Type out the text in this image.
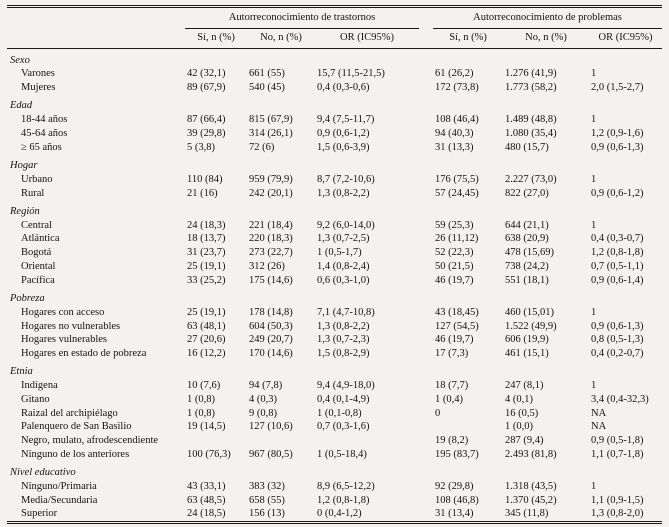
	Autorreconocimiento de trastornos				Autorreconocimiento de problemas		
	Sí, n (%)	No, n (%)	OR (IC95%)		Sí, n (%)	No, n (%)	OR (IC95%)
Sexo							
Varones	42 (32,1)	661 (55)	15,7 (11,5-21,5)		61 (26,2)	1.276 (41,9)	1
Mujeres	89 (67,9)	540 (45)	0,4 (0,3-0,6)		172 (73,8)	1.773 (58,2)	2,0 (1,5-2,7)
Edad							
18-44 años	87 (66,4)	815 (67,9)	9,4 (7,5-11,7)		108 (46,4)	1.489 (48,8)	1
45-64 años	39 (29,8)	314 (26,1)	0,9 (0,6-1,2)		94 (40,3)	1.080 (35,4)	1,2 (0,9-1,6)
≥ 65 años	5 (3,8)	72 (6)	1,5 (0,6-3,9)		31 (13,3)	480 (15,7)	0,9 (0,6-1,3)
Hogar							
Urbano	110 (84)	959 (79,9)	8,7 (7,2-10,6)		176 (75,5)	2.227 (73,0)	1
Rural	21 (16)	242 (20,1)	1,3 (0,8-2,2)		57 (24,45)	822 (27,0)	0,9 (0,6-1,2)
Región							
Central	24 (18,3)	221 (18,4)	9,2 (6,0-14,0)		59 (25,3)	644 (21,1)	1
Atlántica	18 (13,7)	220 (18,3)	1,3 (0,7-2,5)		26 (11,12)	638 (20,9)	0,4 (0,3-0,7)
Bogotá	31 (23,7)	273 (22,7)	1 (0,5-1,7)		52 (22,3)	478 (15,69)	1,2 (0,8-1,8)
Oriental	25 (19,1)	312 (26)	1,4 (0,8-2,4)		50 (21,5)	738 (24,2)	0,7 (0,5-1,1)
Pacífica	33 (25,2)	175 (14,6)	0,6 (0,3-1,0)		46 (19,7)	551 (18,1)	0,9 (0,6-1,4)
Pobreza							
Hogares con acceso	25 (19,1)	178 (14,8)	7,1 (4,7-10,8)		43 (18,45)	460 (15,01)	1
Hogares no vulnerables	63 (48,1)	604 (50,3)	1,3 (0,8-2,2)		127 (54,5)	1.522 (49,9)	0,9 (0,6-1,3)
Hogares vulnerables	27 (20,6)	249 (20,7)	1,3 (0,7-2,3)		46 (19,7)	606 (19,9)	0,8 (0,5-1,3)
Hogares en estado de pobreza	16 (12,2)	170 (14,6)	1,5 (0,8-2,9)		17 (7,3)	461 (15,1)	0,4 (0,2-0,7)
Etnia							
Indígena	10 (7,6)	94 (7,8)	9,4 (4,9-18,0)		18 (7,7)	247 (8,1)	1
Gitano	1 (0,8)	4 (0,3)	0,4 (0,1-4,9)		1 (0,4)	4 (0,1)	3,4 (0,4-32,3)
Raizal del archipiélago	1 (0,8)	9 (0,8)	1 (0,1-0,8)		0	16 (0,5)	NA
Palenquero de San Basilio	19 (14,5)	127 (10,6)	0,7 (0,3-1,6)			1 (0,0)	NA
Negro, mulato, afrodescendiente					19 (8,2)	287 (9,4)	0,9 (0,5-1,8)
Ninguno de los anteriores	100 (76,3)	967 (80,5)	1 (0,5-18,4)		195 (83,7)	2.493 (81,8)	1,1 (0,7-1,8)
Nivel educativo							
Ninguno/Primaria	43 (33,1)	383 (32)	8,9 (6,5-12,2)		92 (29,8)	1.318 (43,5)	1
Media/Secundaria	63 (48,5)	658 (55)	1,2 (0,8-1,8)		108 (46,8)	1.370 (45,2)	1,1 (0,9-1,5)
Superior	24 (18,5)	156 (13)	0 (0,4-1,2)		31 (13,4)	345 (11,8)	1,3 (0,8-2,0)
